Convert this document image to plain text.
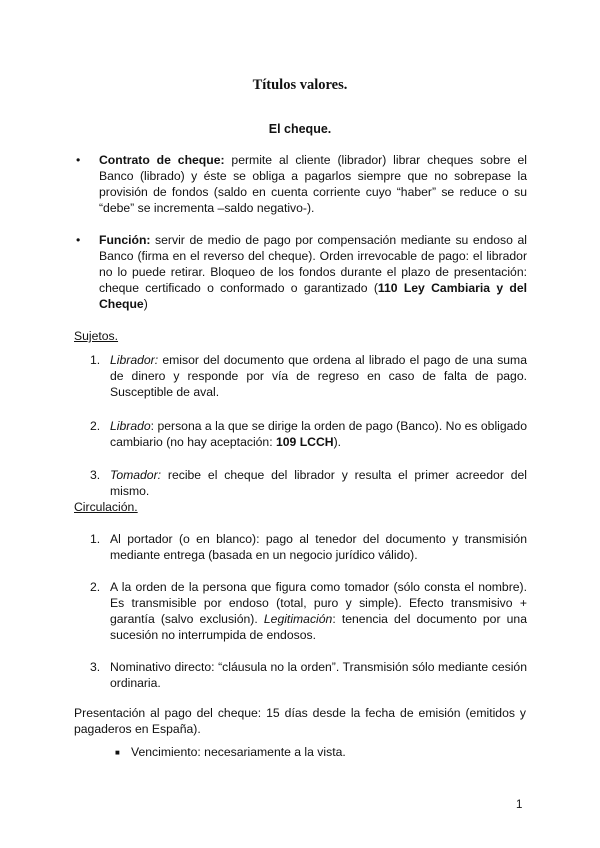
Títulos valores.
El cheque.
• Contrato de cheque: permite al cliente (librador) librar cheques sobre el Banco (librado) y éste se obliga a pagarlos siempre que no sobrepase la provisión de fondos (saldo en cuenta corriente cuyo “haber” se reduce o su “debe” se incrementa –saldo negativo-).
• Función: servir de medio de pago por compensación mediante su endoso al Banco (firma en el reverso del cheque). Orden irrevocable de pago: el librador no lo puede retirar. Bloqueo de los fondos durante el plazo de presentación: cheque certificado o conformado o garantizado (110 Ley Cambiaria y del Cheque)
Sujetos.
1. Librador: emisor del documento que ordena al librado el pago de una suma de dinero y responde por vía de regreso en caso de falta de pago. Susceptible de aval.
2. Librado: persona a la que se dirige la orden de pago (Banco). No es obligado cambiario (no hay aceptación: 109 LCCH).
3. Tomador: recibe el cheque del librador y resulta el primer acreedor del mismo.
Circulación.
1. Al portador (o en blanco): pago al tenedor del documento y transmisión mediante entrega (basada en un negocio jurídico válido).
2. A la orden de la persona que figura como tomador (sólo consta el nombre). Es transmisible por endoso (total, puro y simple). Efecto transmisivo + garantía (salvo exclusión). Legitimación: tenencia del documento por una sucesión no interrumpida de endosos.
3. Nominativo directo: “cláusula no la orden”. Transmisión sólo mediante cesión ordinaria.
Presentación al pago del cheque: 15 días desde la fecha de emisión (emitidos y pagaderos en España).
■ Vencimiento: necesariamente a la vista.
1
